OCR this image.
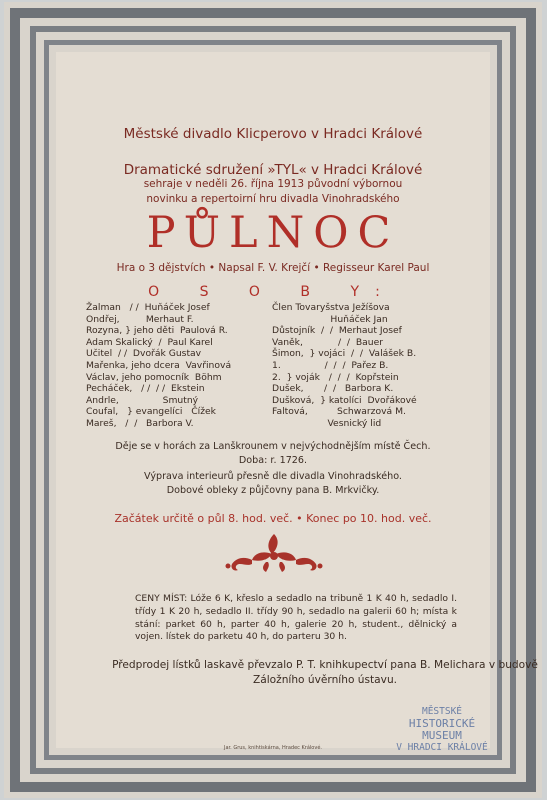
Městské divadlo Klicperovo v Hradci Králové
Dramatické sdružení »TYL« v Hradci Králové
sehraje v neděli 26. října 1913 původní výbornou
novinku a repertoirní hru divadla Vinohradského
PŮLNOC
Hra o 3 dějstvích • Napsal F. V. Krejčí • Regisseur Karel Paul
O S O B Y:
Žalman   / /  Huňáček Josef
Ondřej,         Merhaut F.
Rozyna, } jeho děti  Paulová R.
Adam Skalický  /  Paul Karel
Učitel  / /  Dvořák Gustav
Mařenka, jeho dcera  Vavřinová
Václav, jeho pomocník  Böhm
Pecháček,   / /  / /  Ekstein
Andrle,               Smutný
Coufal,   } evangelíci   Čížek
Mareš,   /  /   Barbora V.
Člen Tovaryšstva Ježíšova
Huňáček Jan
Důstojník  /  /  Merhaut Josef
Vaněk,            /  /  Bauer
Šimon,  } vojáci  /  /  Valášek B.
1.               /  /  /  Pařez B.
2.  } voják   /  /  /  Kopřstein
Dušek,       /  /   Barbora K.
Dušková,  } katolíci  Dvořákové
Faltová,          Schwarzová M.
Vesnický lid
Děje se v horách za Lanškrounem v nejvýchodnějším místě Čech.
Doba: r. 1726.
Výprava interieurů přesně dle divadla Vinohradského.
Dobové obleky z půjčovny pana B. Mrkvičky.
Začátek určitě o půl 8. hod. več. • Konec po 10. hod. več.
CENY MÍST: Lóže 6 K, křeslo a sedadlo na tribuně 1 K 40 h, sedadlo I. třídy 1 K 20 h, sedadlo II. třídy 90 h, sedadlo na galerii 60 h; místa k stání: parket 60 h, parter 40 h, galerie 20 h, student., dělnický a vojen. lístek do parketu 40 h, do parteru 30 h.
Předprodej lístků laskavě převzalo P. T. knihkupectví pana B. Melichara v budově Záložního úvěrního ústavu.
Jar. Grus, knihtiskárna, Hradec Králové.
MĚSTSKÉ
HISTORICKÉ MUSEUM
V HRADCI KRÁLOVÉ
